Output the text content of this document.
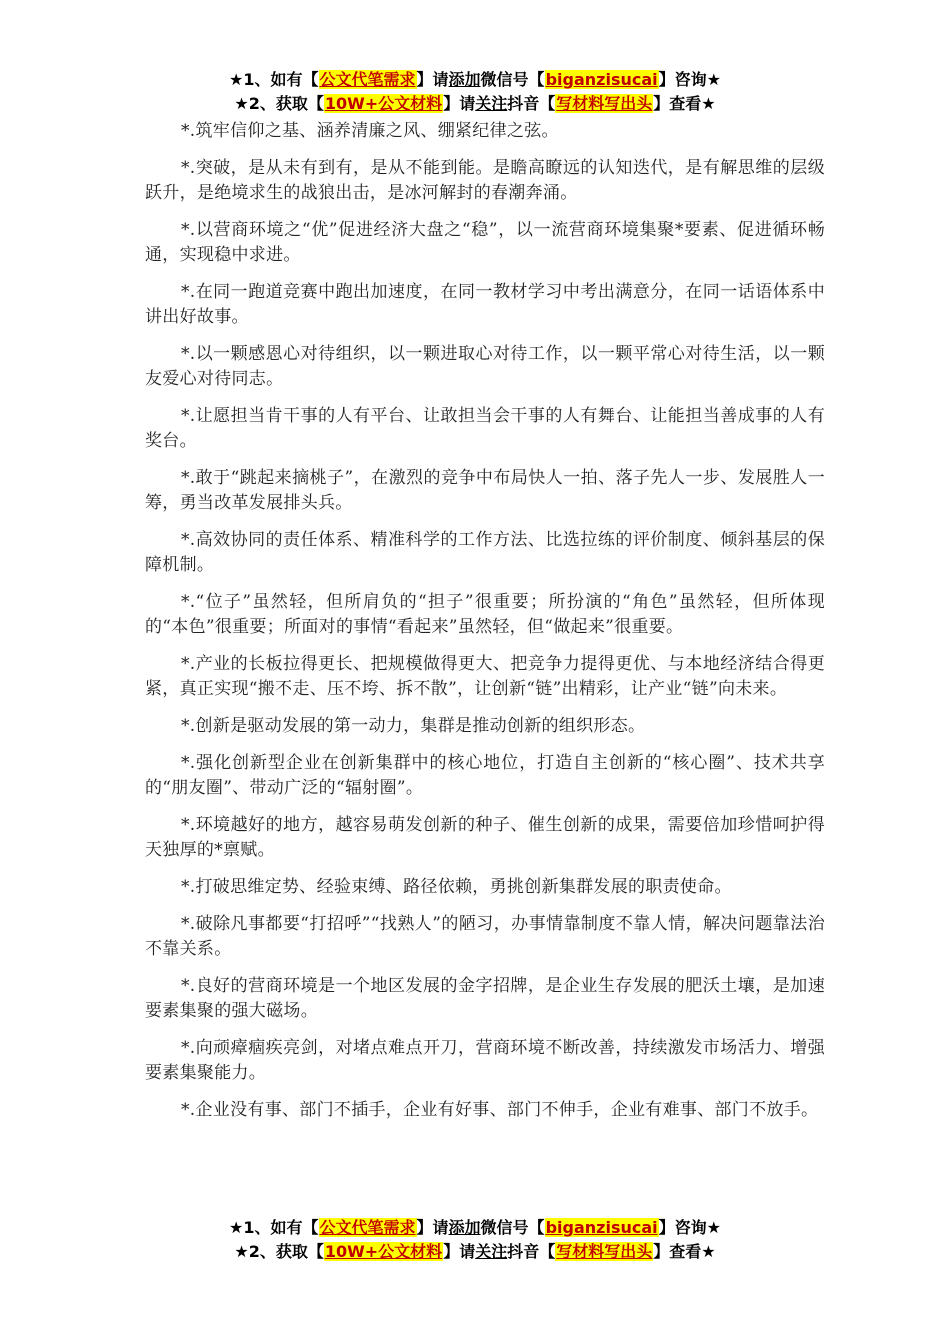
★1、如有【公文代笔需求】请添加微信号【biganzisucai】咨询★
★2、获取【10W+公文材料】请关注抖音【写材料写出头】查看★

*.筑牢信仰之基、涵养清廉之风、绷紧纪律之弦。

*.突破，是从未有到有，是从不能到能。是瞻高瞭远的认知迭代，是有解思维的层级跃升，是绝境求生的战狼出击，是冰河解封的春潮奔涌。

*.以营商环境之“优”促进经济大盘之“稳”，以一流营商环境集聚*要素、促进循环畅通，实现稳中求进。

*.在同一跑道竞赛中跑出加速度，在同一教材学习中考出满意分，在同一话语体系中讲出好故事。

*.以一颗感恩心对待组织，以一颗进取心对待工作，以一颗平常心对待生活，以一颗友爱心对待同志。

*.让愿担当肯干事的人有平台、让敢担当会干事的人有舞台、让能担当善成事的人有奖台。

*.敢于“跳起来摘桃子”，在激烈的竞争中布局快人一拍、落子先人一步、发展胜人一筹，勇当改革发展排头兵。

*.高效协同的责任体系、精准科学的工作方法、比选拉练的评价制度、倾斜基层的保障机制。

*.“位子”虽然轻，但所肩负的“担子”很重要；所扮演的“角色”虽然轻，但所体现的“本色”很重要；所面对的事情“看起来”虽然轻，但“做起来”很重要。

*.产业的长板拉得更长、把规模做得更大、把竞争力提得更优、与本地经济结合得更紧，真正实现“搬不走、压不垮、拆不散”，让创新“链”出精彩，让产业“链”向未来。

*.创新是驱动发展的第一动力，集群是推动创新的组织形态。

*.强化创新型企业在创新集群中的核心地位，打造自主创新的“核心圈”、技术共享的“朋友圈”、带动广泛的“辐射圈”。

*.环境越好的地方，越容易萌发创新的种子、催生创新的成果，需要倍加珍惜呵护得天独厚的*禀赋。

*.打破思维定势、经验束缚、路径依赖，勇挑创新集群发展的职责使命。

*.破除凡事都要“打招呼”“找熟人”的陋习，办事情靠制度不靠人情，解决问题靠法治不靠关系。

*.良好的营商环境是一个地区发展的金字招牌，是企业生存发展的肥沃土壤，是加速要素集聚的强大磁场。

*.向顽瘴痼疾亮剑，对堵点难点开刀，营商环境不断改善，持续激发市场活力、增强要素集聚能力。

*.企业没有事、部门不插手，企业有好事、部门不伸手，企业有难事、部门不放手。

★1、如有【公文代笔需求】请添加微信号【biganzisucai】咨询★
★2、获取【10W+公文材料】请关注抖音【写材料写出头】查看★
